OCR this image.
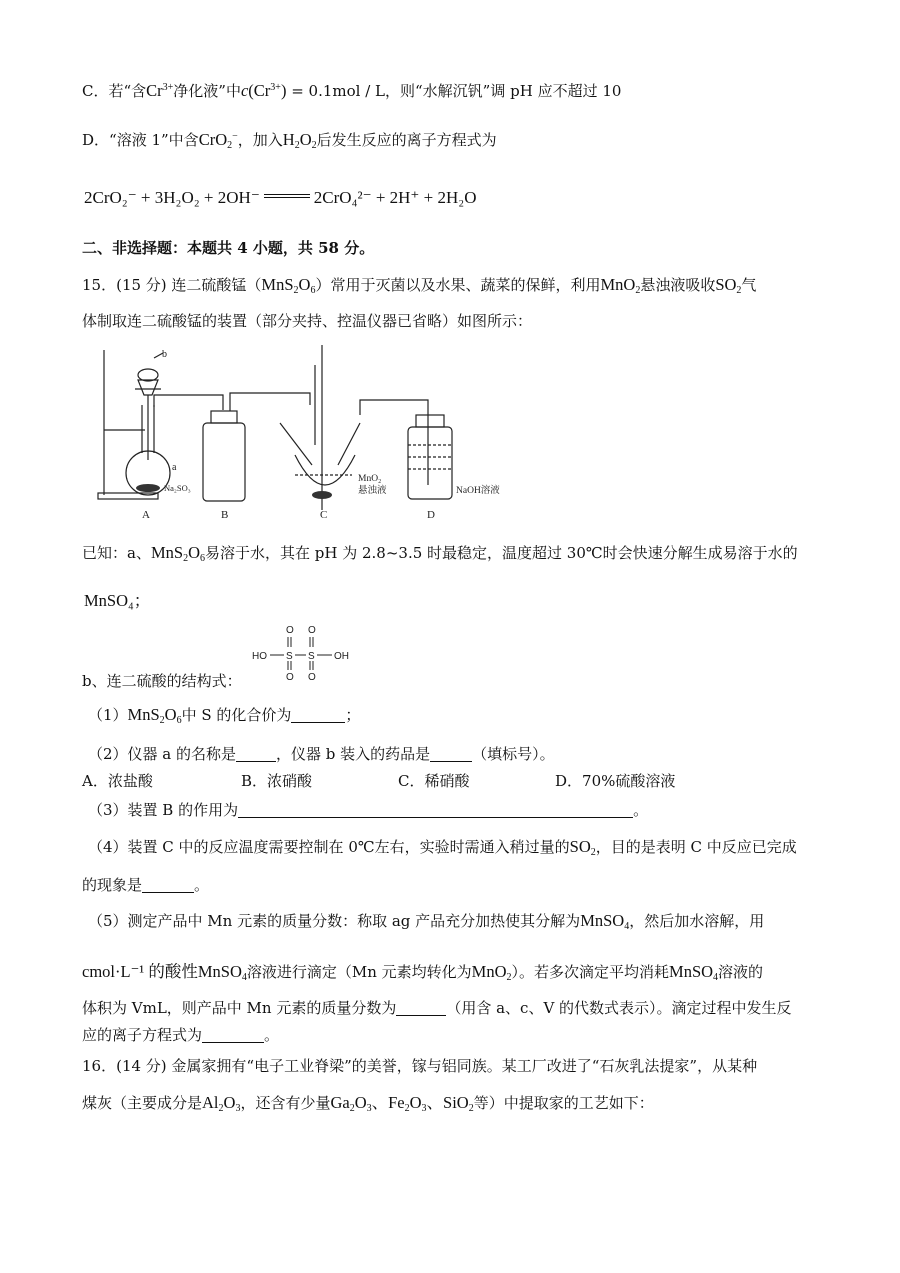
C．若“含$Cr^{3+}$净化液”中$c(Cr^{3+}) = 0.1mol / L$，则“水解沉钒”调 pH 应不超过 10
D．“溶液 1”中含CrO$_2$−，加入$H_2O_2$后发生反应的离子方程式为
2CrO₂⁻ + 3H₂O₂ + 2OH⁻	2CrO₄²⁻ + 2H⁺ + 2H₂O
二、非选择题：本题共 4 小题，共 58 分。
15．(15 分) 连二硫酸锰$(MnS_2O_6)$常用于灭菌以及水果、蔬菜的保鲜，利用MnO$_2$悬浊液吸收$SO_2$气
体制取连二硫酸锰的装置（部分夹持、控温仪器已省略）如图所示：
A	B	C	D
a
b
Na₂SO₃
MnO₂
悬浊液	NaOH溶液
已知：a、$MnS_2O_6$易溶于水，其在 pH 为 2.8~3.5 时最稳定，温度超过 30℃时会快速分解生成易溶于水的
MnSO₄；
HO S S OH
O O
O O
b、连二硫酸的结构式：
$(1)MnS_2O_6$中 S 的化合价为	；
（2）仪器 a 的名称是	，仪器 b 装入的药品是	（填标号）。
A．浓盐酸	B．浓硝酸	C．稀硝酸	D．70%硫酸溶液
（3）装置 B 的作用为	。
（4）装置 C 中的反应温度需要控制在 0℃左右，实验时需通入稍过量的$SO_2$，目的是表明 C 中反应已完成
的现象是	。
（5）测定产品中 Mn 元素的质量分数：称取 ag 产品充分加热使其分解为MnSO$_4$，然后加水溶解，用
cmol·L⁻¹ 的酸性MnSO$_4$溶液进行滴定（Mn 元素均转化为MnO$_2$）。若多次滴定平均消耗MnSO$_4$溶液的
体积为 VmL，则产品中 Mn 元素的质量分数为	（用含 a、c、V 的代数式表示）。滴定过程中发生反
应的离子方程式为	。
16．(14 分) 金属家拥有“电子工业脊梁”的美誉，镓与铝同族。某工厂改进了“石灰乳法提家”，从某种
煤灰（主要成分是$Al_2O_3$，还含有少量$Ga_2O_3$、$Fe_2O_3$、SiO$_2$等）中提取家的工艺如下：
